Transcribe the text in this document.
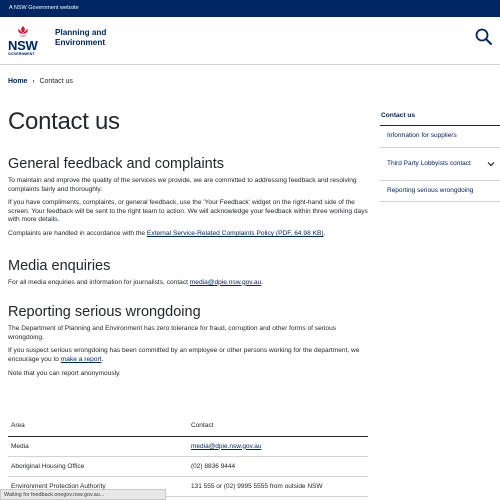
A NSW Government website
NSW
GOVERNMENT
Planning and
Environment
Home › Contact us
Contact us
General feedback and complaints

To maintain and improve the quality of the services we provide, we are committed to addressing feedback and resolving complaints fairly and thoroughly.

If you have compliments, complaints, or general feedback, use the 'Your Feedback' widget on the right-hand side of the screen. Your feedback will be sent to the right team to action. We will acknowledge your feedback within three working days with more details.

Complaints are handled in accordance with the External Service-Related Complaints Policy (PDF, 64.98 KB).

Media enquiries

For all media enquiries and information for journalists, contact media@dpie.nsw.gov.au.

Reporting serious wrongdoing

The Department of Planning and Environment has zero tolerance for fraud, corruption and other forms of serious wrongdoing.

If you suspect serious wrongdoing has been committed by an employee or other persons working for the department, we encourage you to make a report.

Note that you can report anonymously.

Area	Contact
Media	media@dpie.nsw.gov.au
Aboriginal Housing Office	(02) 8836 9444
Environment Protection Authority	131 555 or (02) 9995 5555 from outside NSW
Contact us
Information for suppliers
Third Party Lobbyists contact
Reporting serious wrongdoing
Waiting for feedback.onegov.nsw.gov.au...
